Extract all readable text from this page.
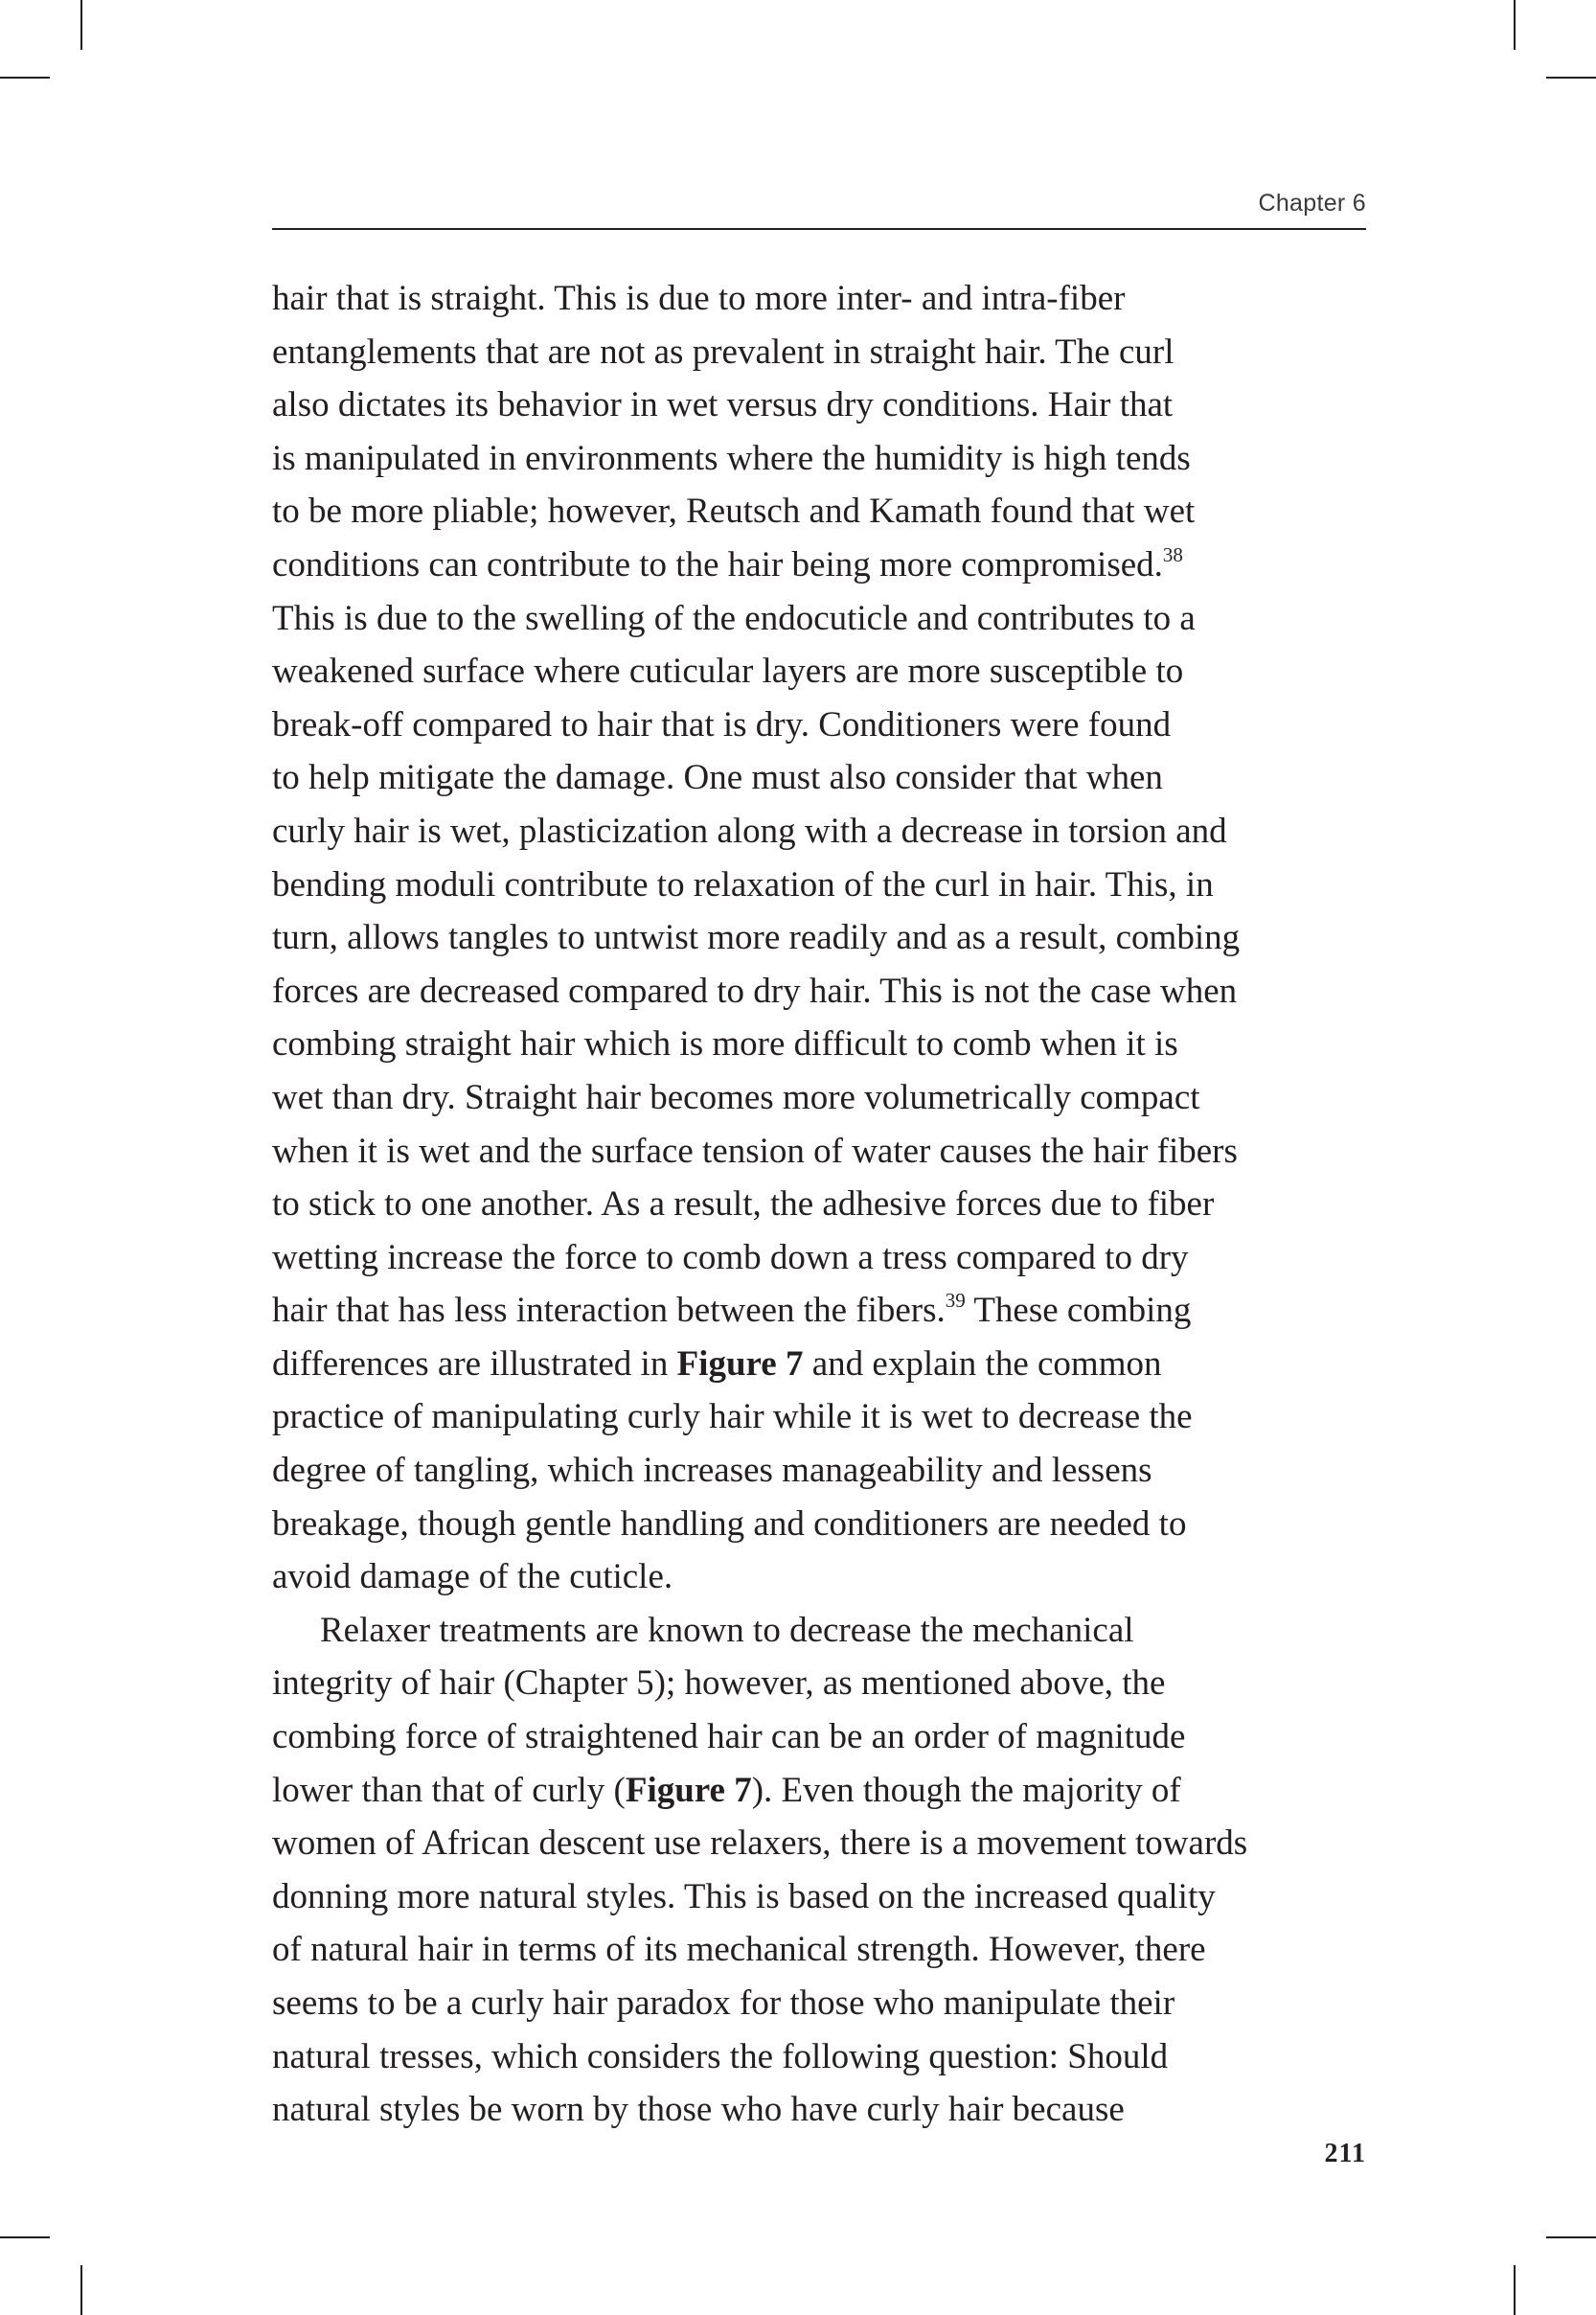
Chapter 6
hair that is straight. This is due to more inter- and intra-fiber
entanglements that are not as prevalent in straight hair. The curl
also dictates its behavior in wet versus dry conditions. Hair that
is manipulated in environments where the humidity is high tends
to be more pliable; however, Reutsch and Kamath found that wet
conditions can contribute to the hair being more compromised.$^{38}$
This is due to the swelling of the endocuticle and contributes to a
weakened surface where cuticular layers are more susceptible to
break-off compared to hair that is dry. Conditioners were found
to help mitigate the damage. One must also consider that when
curly hair is wet, plasticization along with a decrease in torsion and
bending moduli contribute to relaxation of the curl in hair. This, in
turn, allows tangles to untwist more readily and as a result, combing
forces are decreased compared to dry hair. This is not the case when
combing straight hair which is more difficult to comb when it is
wet than dry. Straight hair becomes more volumetrically compact
when it is wet and the surface tension of water causes the hair fibers
to stick to one another. As a result, the adhesive forces due to fiber
wetting increase the force to comb down a tress compared to dry
hair that has less interaction between the fibers.$^{39}$ These combing
differences are illustrated in Figure 7 and explain the common
practice of manipulating curly hair while it is wet to decrease the
degree of tangling, which increases manageability and lessens
breakage, though gentle handling and conditioners are needed to
avoid damage of the cuticle.
Relaxer treatments are known to decrease the mechanical
integrity of hair (Chapter 5); however, as mentioned above, the
combing force of straightened hair can be an order of magnitude
lower than that of curly (Figure 7). Even though the majority of
women of African descent use relaxers, there is a movement towards
donning more natural styles. This is based on the increased quality
of natural hair in terms of its mechanical strength. However, there
seems to be a curly hair paradox for those who manipulate their
natural tresses, which considers the following question: Should
natural styles be worn by those who have curly hair because
211
